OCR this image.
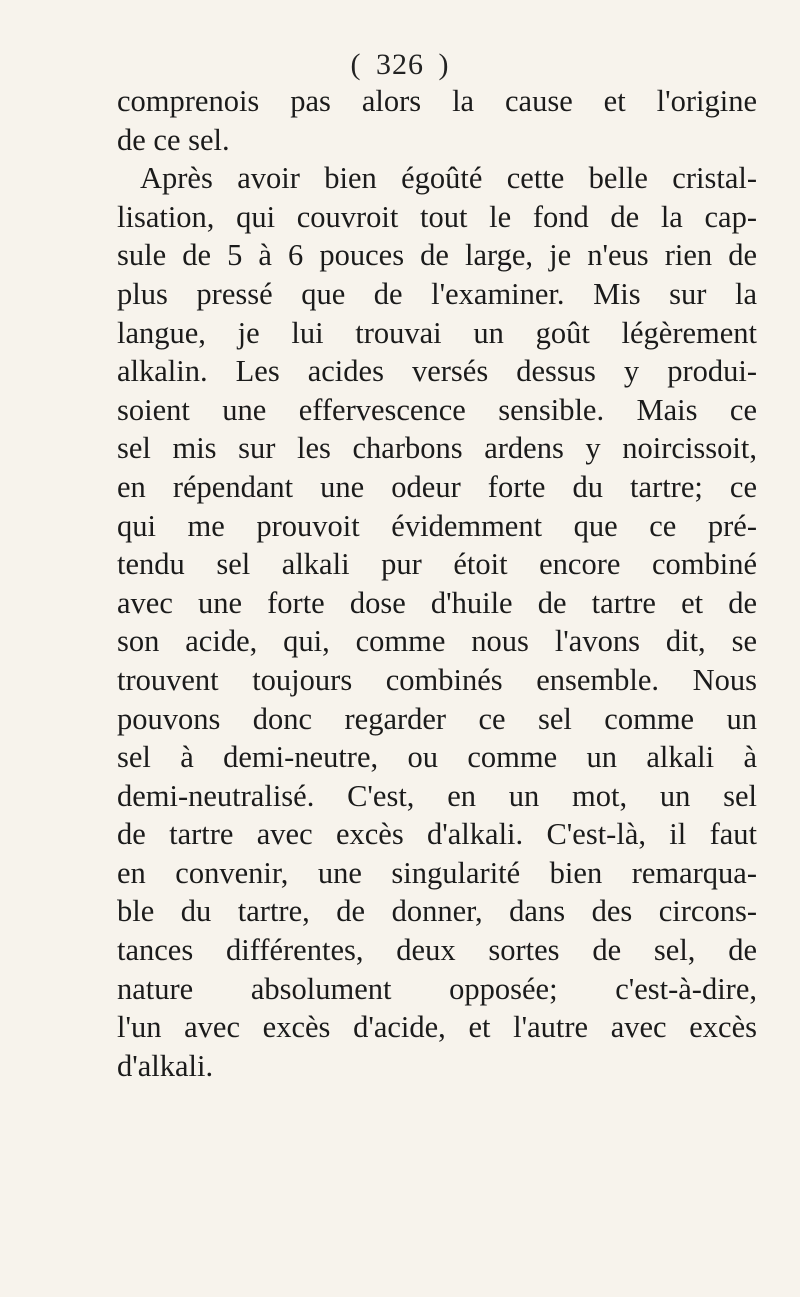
( 326 )
comprenois pas alors la cause et l'origine
de ce sel.
Après avoir bien égoûté cette belle cristal-
lisation, qui couvroit tout le fond de la cap-
sule de 5 à 6 pouces de large, je n'eus rien de
plus pressé que de l'examiner. Mis sur la
langue, je lui trouvai un goût légèrement
alkalin. Les acides versés dessus y produi-
soient une effervescence sensible. Mais ce
sel mis sur les charbons ardens y noircissoit,
en répendant une odeur forte du tartre; ce
qui me prouvoit évidemment que ce pré-
tendu sel alkali pur étoit encore combiné
avec une forte dose d'huile de tartre et de
son acide, qui, comme nous l'avons dit, se
trouvent toujours combinés ensemble. Nous
pouvons donc regarder ce sel comme un
sel à demi-neutre, ou comme un alkali à
demi-neutralisé. C'est, en un mot, un sel
de tartre avec excès d'alkali. C'est-là, il faut
en convenir, une singularité bien remarqua-
ble du tartre, de donner, dans des circons-
tances différentes, deux sortes de sel, de
nature absolument opposée; c'est-à-dire,
l'un avec excès d'acide, et l'autre avec excès
d'alkali.
